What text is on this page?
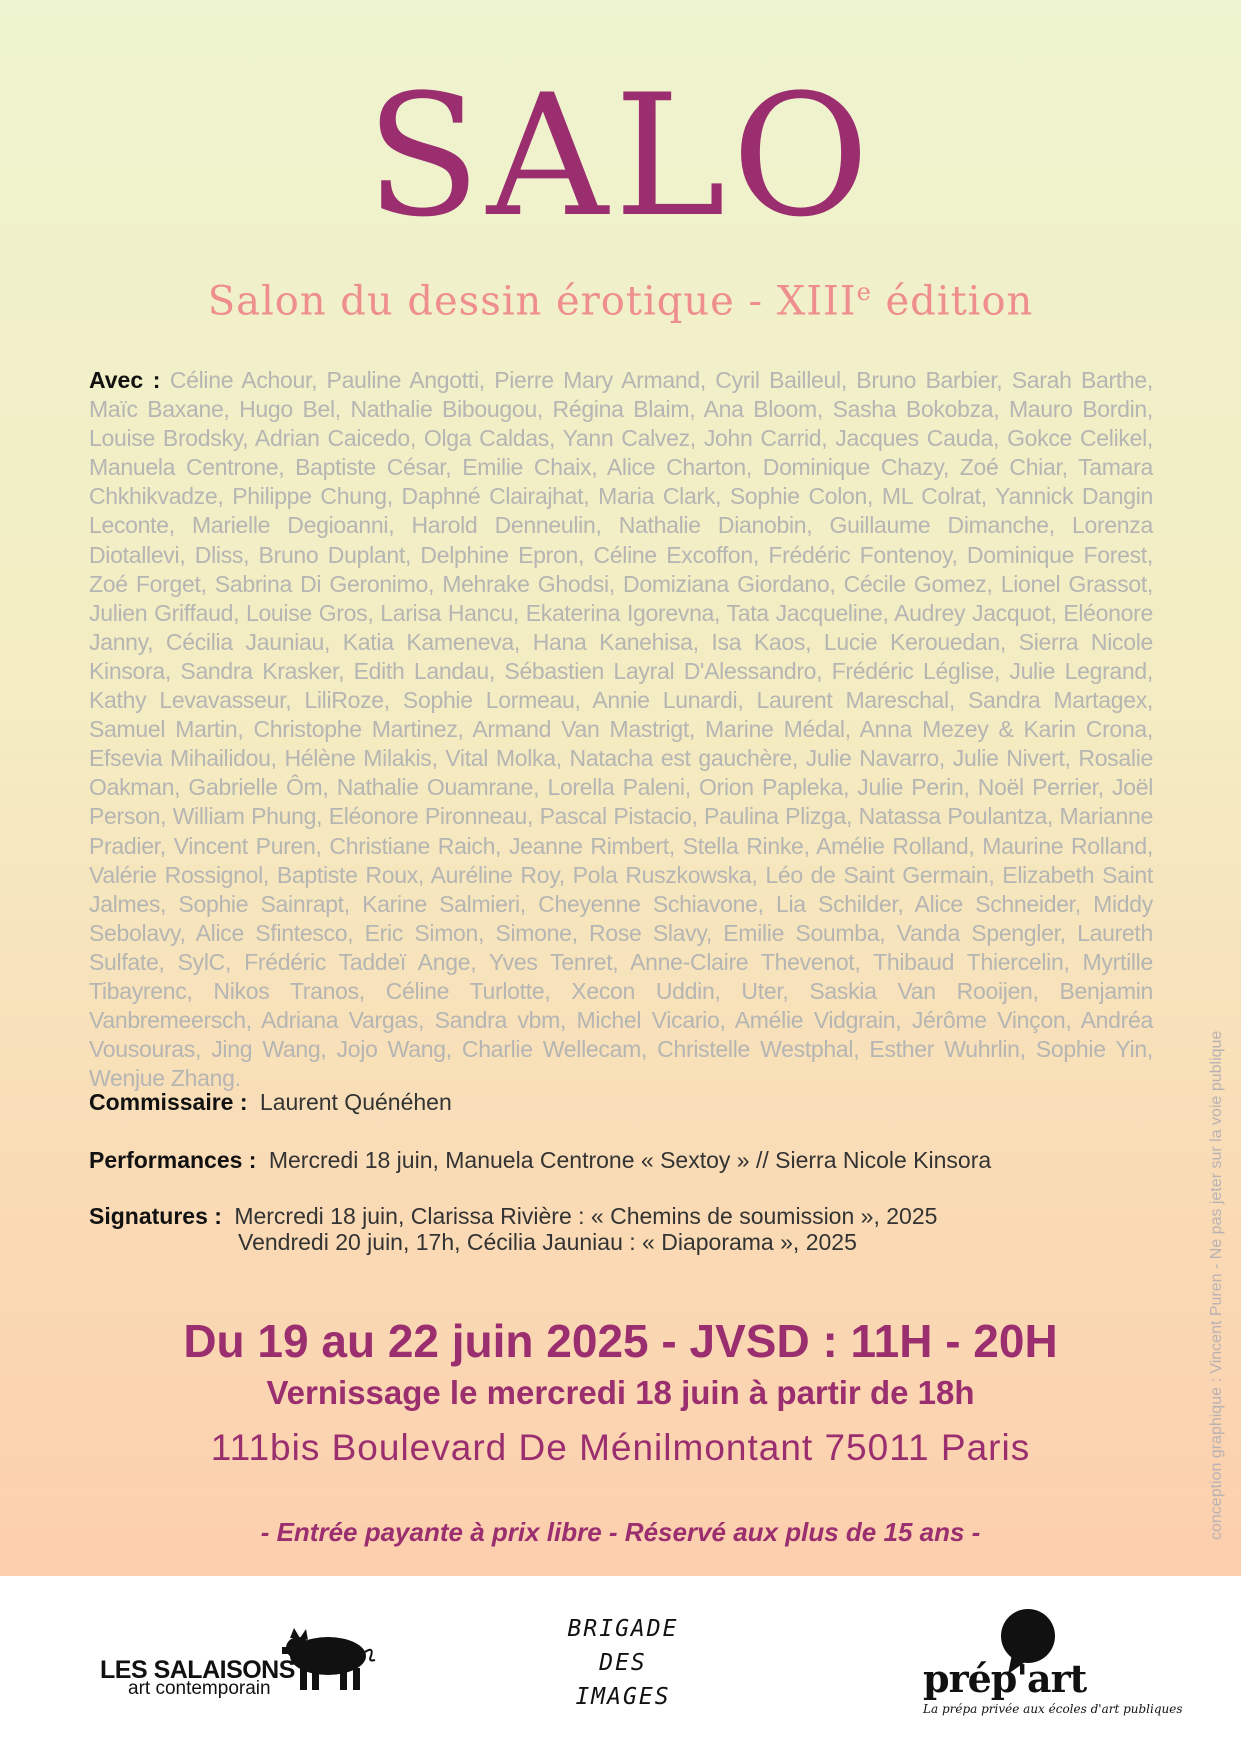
SALO
Salon du dessin érotique - XIIIe édition

Avec : Céline Achour, Pauline Angotti, Pierre Mary Armand, Cyril Bailleul, Bruno Barbier, Sarah Barthe, Maïc Baxane, Hugo Bel, Nathalie Bibougou, Régina Blaim, Ana Bloom, Sasha Bokobza, Mauro Bordin, Louise Brodsky, Adrian Caicedo, Olga Caldas, Yann Calvez, John Carrid, Jacques Cauda, Gokce Celikel, Manuela Centrone, Baptiste César, Emilie Chaix, Alice Charton, Dominique Chazy, Zoé Chiar, Tamara Chkhikvadze, Philippe Chung, Daphné Clairajhat, Maria Clark, Sophie Colon, ML Colrat, Yannick Dangin Leconte, Marielle Degioanni, Harold Denneulin, Nathalie Dianobin, Guillaume Dimanche, Lorenza Diotallevi, Dliss, Bruno Duplant, Delphine Epron, Céline Excoffon, Frédéric Fontenoy, Dominique Forest, Zoé Forget, Sabrina Di Geronimo, Mehrake Ghodsi, Domiziana Giordano, Cécile Gomez, Lionel Grassot, Julien Griffaud, Louise Gros, Larisa Hancu, Ekaterina Igorevna, Tata Jacqueline, Audrey Jacquot, Eléonore Janny, Cécilia Jauniau, Katia Kameneva, Hana Kanehisa, Isa Kaos, Lucie Kerouedan, Sierra Nicole Kinsora, Sandra Krasker, Edith Landau, Sébastien Layral D'Alessandro, Frédéric Léglise, Julie Legrand, Kathy Levavasseur, LiliRoze, Sophie Lormeau, Annie Lunardi, Laurent Mareschal, Sandra Martagex, Samuel Martin, Christophe Martinez, Armand Van Mastrigt, Marine Médal, Anna Mezey & Karin Crona, Efsevia Mihailidou, Hélène Milakis, Vital Molka, Natacha est gauchère, Julie Navarro, Julie Nivert, Rosalie Oakman, Gabrielle Ôm, Nathalie Ouamrane, Lorella Paleni, Orion Papleka, Julie Perin, Noël Perrier, Joël Person, William Phung, Eléonore Pironneau, Pascal Pistacio, Paulina Plizga, Natassa Poulantza, Marianne Pradier, Vincent Puren, Christiane Raich, Jeanne Rimbert, Stella Rinke, Amélie Rolland, Maurine Rolland, Valérie Rossignol, Baptiste Roux, Auréline Roy, Pola Ruszkowska, Léo de Saint Germain, Elizabeth Saint Jalmes, Sophie Sainrapt, Karine Salmieri, Cheyenne Schiavone, Lia Schilder, Alice Schneider, Middy Sebolavy, Alice Sfintesco, Eric Simon, Simone, Rose Slavy, Emilie Soumba, Vanda Spengler, Laureth Sulfate, SylC, Frédéric Taddeï Ange, Yves Tenret, Anne-Claire Thevenot, Thibaud Thiercelin, Myrtille Tibayrenc, Nikos Tranos, Céline Turlotte, Xecon Uddin, Uter, Saskia Van Rooijen, Benjamin Vanbremeersch, Adriana Vargas, Sandra vbm, Michel Vicario, Amélie Vidgrain, Jérôme Vinçon, Andréa Vousouras, Jing Wang, Jojo Wang, Charlie Wellecam, Christelle Westphal, Esther Wuhrlin, Sophie Yin, Wenjue Zhang.

Commissaire : Laurent Quénéhen
Performances : Mercredi 18 juin, Manuela Centrone « Sextoy » // Sierra Nicole Kinsora
Signatures : Mercredi 18 juin, Clarissa Rivière : « Chemins de soumission », 2025
Vendredi 20 juin, 17h, Cécilia Jauniau : « Diaporama », 2025
Du 19 au 22 juin 2025 - JVSD : 11H - 20H
Vernissage le mercredi 18 juin à partir de 18h
111bis Boulevard De Ménilmontant 75011 Paris
- Entrée payante à prix libre - Réservé aux plus de 15 ans -	conception graphique : Vincent Puren - Ne pas jeter sur la voie publique
LES SALAISONS
art contemporain
BRIGADE
DES
IMAGES	prép'art
La prépa privée aux écoles d'art publiques
